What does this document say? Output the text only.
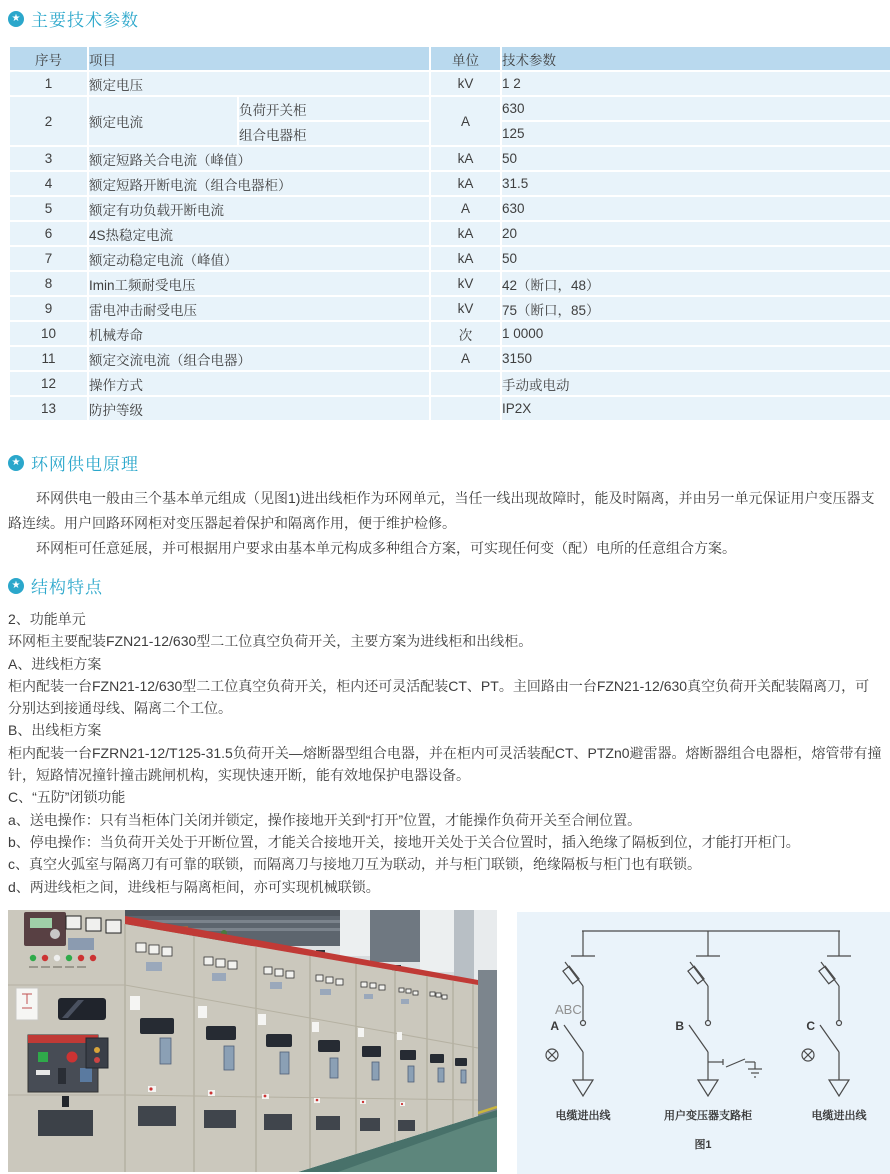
★ 主要技术参数
序号	项目		单位	技术参数
1	额定电压		kV	1 2
2	额定电流	负荷开关柜	A	630
		组合电器柜		125
3	额定短路关合电流（峰值）		kA	50
4	额定短路开断电流（组合电器柜）		kA	31.5
5	额定有功负载开断电流		A	630
6	4S热稳定电流		kA	20
7	额定动稳定电流（峰值）		kA	50
8	Imin工频耐受电压		kV	42（断口，48）
9	雷电冲击耐受电压		kV	75（断口，85）
10	机械寿命		次	1 0000
11	额定交流电流（组合电器）		A	3150
12	操作方式			手动或电动
13	防护等级			IP2X
★ 环网供电原理

环网供电一般由三个基本单元组成（见图1)进出线柜作为环网单元，当任一线出现故障时，能及时隔离，并由另一单元保证用户变压器支路连续。用户回路环网柜对变压器起着保护和隔离作用，便于维护检修。

环网柜可任意延展，并可根据用户要求由基本单元构成多种组合方案，可实现任何变（配）电所的任意组合方案。

★ 结构特点

2、功能单元

环网柜主要配装FZN21-12/630型二工位真空负荷开关，主要方案为进线柜和出线柜。

A、进线柜方案

柜内配装一台FZN21-12/630型二工位真空负荷开关，柜内还可灵活配装CT、PT。主回路由一台FZN21-12/630真空负荷开关配装隔离刀，可分别达到接通母线、隔离二个工位。

B、出线柜方案

柜内配装一台FZRN21-12/T125-31.5负荷开关—熔断器型组合电器，并在柜内可灵活装配CT、PTZn0避雷器。熔断器组合电器柜，熔管带有撞针，短路情况撞针撞击跳闸机构，实现快速开断，能有效地保护电器设备。

C、“五防”闭锁功能

a、送电操作：只有当柜体门关闭并锁定，操作接地开关到“打开”位置，才能操作负荷开关至合闸位置。

b、停电操作：当负荷开关处于开断位置，才能关合接地开关，接地开关处于关合位置时，插入绝缘了隔板到位，才能打开柜门。

c、真空火弧室与隔离刀有可靠的联锁，而隔离刀与接地刀互为联动，并与柜门联锁，绝缘隔板与柜门也有联锁。

d、两进线柜之间，进线柜与隔离柜间，亦可实现机械联锁。

ABC
A	B	C
电缆进出线	用户变压器支路柜	电缆进出线
图1
